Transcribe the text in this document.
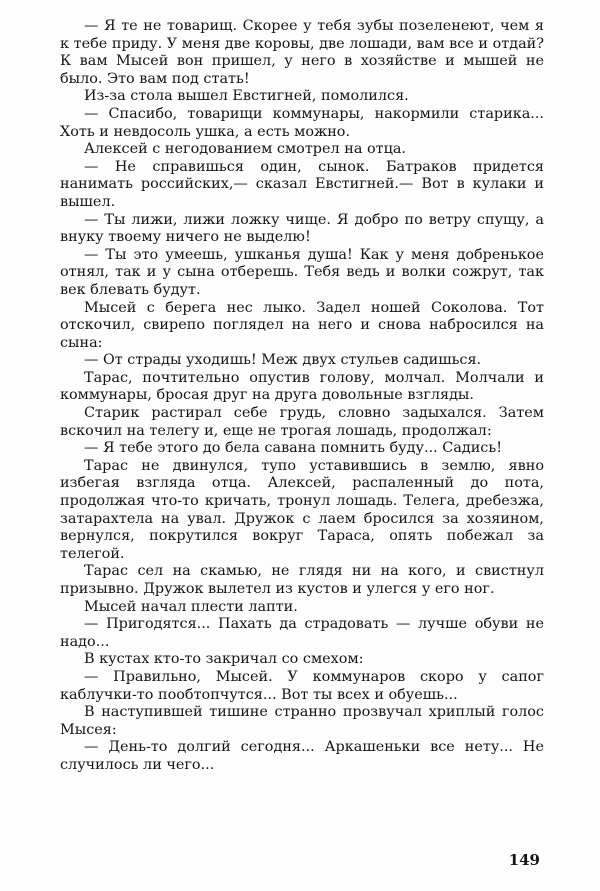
— Я те не товарищ. Скорее у тебя зубы позеленеют, чем я к тебе приду. У меня две коровы, две лошади, вам все и отдай? К вам Мысей вон пришел, у него в хозяйстве и мышей не было. Это вам под стать!

Из-за стола вышел Евстигней, помолился.

— Спасибо, товарищи коммунары, накормили старика... Хоть и невдосоль ушка, а есть можно.

Алексей с негодованием смотрел на отца.

— Не справишься один, сынок. Батраков придется нанимать российских,— сказал Евстигней.— Вот в кулаки и вышел.

— Ты лижи, лижи ложку чище. Я добро по ветру спущу, а внуку твоему ничего не выделю!

— Ты это умеешь, ушканья душа! Как у меня добренькое отнял, так и у сына отберешь. Тебя ведь и волки сожрут, так век блевать будут.

Мысей с берега нес лыко. Задел ношей Соколова. Тот отскочил, свирепо поглядел на него и снова набросился на сына:

— От страды уходишь! Меж двух стульев садишься.

Тарас, почтительно опустив голову, молчал. Молчали и коммунары, бросая друг на друга довольные взгляды.

Старик растирал себе грудь, словно задыхался. Затем вскочил на телегу и, еще не трогая лошадь, продолжал:

— Я тебе этого до бела савана помнить буду... Садись!

Тарас не двинулся, тупо уставившись в землю, явно избегая взгляда отца. Алексей, распаленный до пота, продолжая что-то кричать, тронул лошадь. Телега, дребезжа, затарахтела на увал. Дружок с лаем бросился за хозяином, вернулся, покрутился вокруг Тараса, опять побежал за телегой.

Тарас сел на скамью, не глядя ни на кого, и свистнул призывно. Дружок вылетел из кустов и улегся у его ног.

Мысей начал плести лапти.

— Пригодятся... Пахать да страдовать — лучше обуви не надо...

В кустах кто-то закричал со смехом:

— Правильно, Мысей. У коммунаров скоро у сапог каблучки-то пообтопчутся... Вот ты всех и обуешь...

В наступившей тишине странно прозвучал хриплый голос Мысея:

— День-то долгий сегодня... Аркашеньки все нету... Не случилось ли чего...

149
